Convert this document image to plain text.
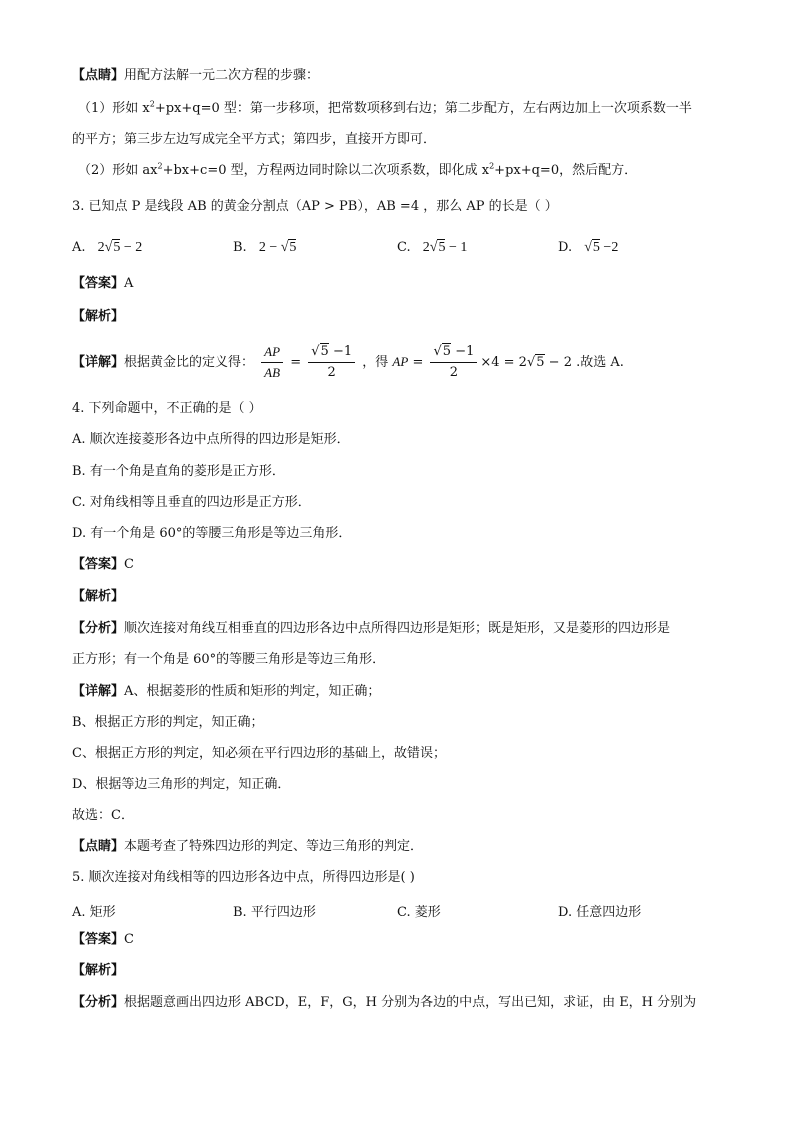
【点睛】用配方法解一元二次方程的步骤：
（1）形如 $x^2+px+q=0$ 型：第一步移项，把常数项移到右边；第二步配方，左右两边加上一次项系数一半
的平方；第三步左边写成完全平方式；第四步，直接开方即可．
（2）形如 $ax^2+bx+c=0$ 型，方程两边同时除以二次项系数，即化成 $x^2+px+q=0$，然后配方．
3. 已知点 P 是线段 AB 的黄金分割点（AP > PB），AB =4 ，那么 AP 的长是（ ）
A. 2√5 − 2	B. 2 − √5	C. 2√5 − 1	D. √5 −2
【答案】A
【解析】
【详解】根据黄金比的定义得： $\frac{AP}{AB} = \frac{√5 -1}{2}$ ，得 AP = $\frac{√5 -1}{2} \times 4 = 2√5 - 2$ .故选 A.
4. 下列命题中，不正确的是（ ）
A. 顺次连接菱形各边中点所得的四边形是矩形．
B. 有一个角是直角的菱形是正方形．
C. 对角线相等且垂直的四边形是正方形．
D. 有一个角是 60°的等腰三角形是等边三角形．
【答案】C
【解析】
【分析】顺次连接对角线互相垂直的四边形各边中点所得四边形是矩形；既是矩形，又是菱形的四边形是
正方形；有一个角是 60°的等腰三角形是等边三角形．
【详解】A、根据菱形的性质和矩形的判定，知正确；
B、根据正方形的判定，知正确；
C、根据正方形的判定，知必须在平行四边形的基础上，故错误；
D、根据等边三角形的判定，知正确．
故选：C．
【点睛】本题考查了特殊四边形的判定、等边三角形的判定．
5. 顺次连接对角线相等的四边形各边中点，所得四边形是( )
A. 矩形	B. 平行四边形	C. 菱形	D. 任意四边形
【答案】C
【解析】
【分析】根据题意画出四边形 ABCD，E，F，G，H 分别为各边的中点，写出已知，求证，由 E，H 分别为
